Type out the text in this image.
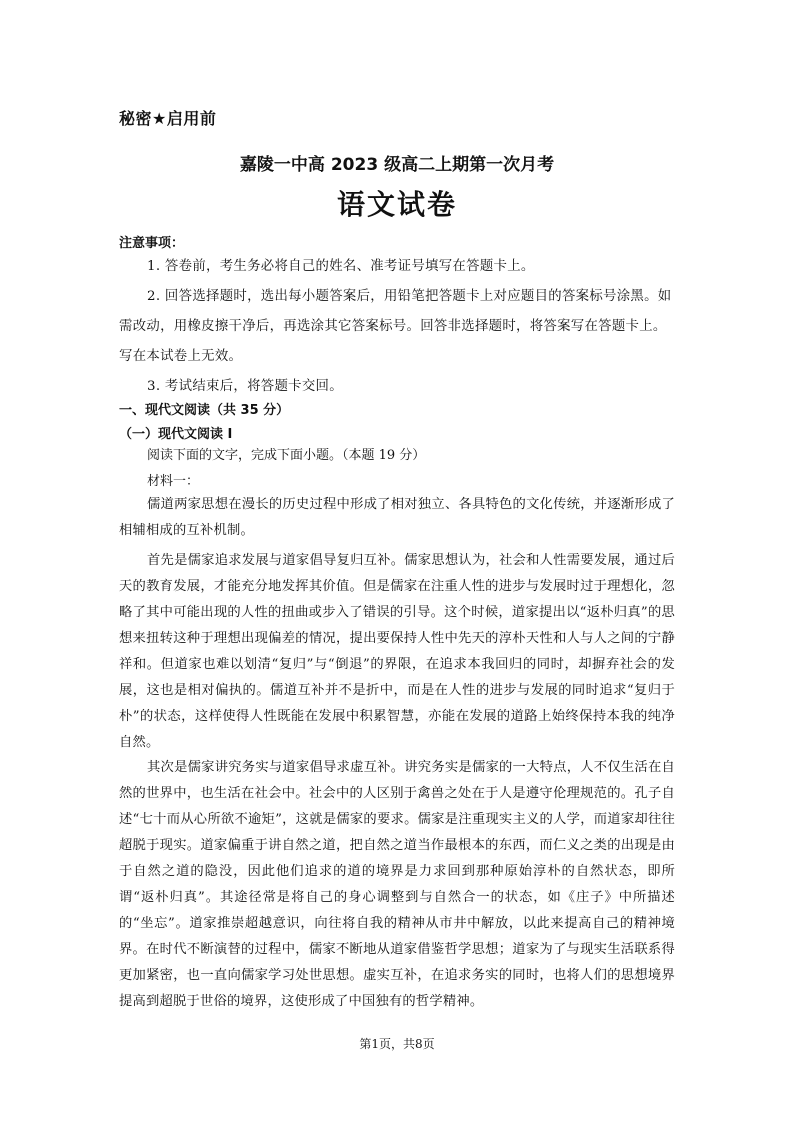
秘密★启用前
嘉陵一中高 2023 级高二上期第一次月考
语文试卷
注意事项：

1. 答卷前，考生务必将自己的姓名、准考证号填写在答题卡上。

2. 回答选择题时，选出每小题答案后，用铅笔把答题卡上对应题目的答案标号涂黑。如需改动，用橡皮擦干净后，再选涂其它答案标号。回答非选择题时，将答案写在答题卡上。写在本试卷上无效。

3. 考试结束后，将答题卡交回。

一、现代文阅读（共 35 分）
（一）现代文阅读 I
阅读下面的文字，完成下面小题。（本题 19 分）
材料一：

儒道两家思想在漫长的历史过程中形成了相对独立、各具特色的文化传统，并逐渐形成了相辅相成的互补机制。

首先是儒家追求发展与道家倡导复归互补。儒家思想认为，社会和人性需要发展，通过后天的教育发展，才能充分地发挥其价值。但是儒家在注重人性的进步与发展时过于理想化，忽略了其中可能出现的人性的扭曲或步入了错误的引导。这个时候，道家提出以“返朴归真”的思想来扭转这种于理想出现偏差的情况，提出要保持人性中先天的淳朴天性和人与人之间的宁静祥和。但道家也难以划清“复归”与“倒退”的界限，在追求本我回归的同时，却摒弃社会的发展，这也是相对偏执的。儒道互补并不是折中，而是在人性的进步与发展的同时追求“复归于朴”的状态，这样使得人性既能在发展中积累智慧，亦能在发展的道路上始终保持本我的纯净自然。

其次是儒家讲究务实与道家倡导求虚互补。讲究务实是儒家的一大特点，人不仅生活在自然的世界中，也生活在社会中。社会中的人区别于禽兽之处在于人是遵守伦理规范的。孔子自述“七十而从心所欲不逾矩”，这就是儒家的要求。儒家是注重现实主义的人学，而道家却往往超脱于现实。道家偏重于讲自然之道，把自然之道当作最根本的东西，而仁义之类的出现是由于自然之道的隐没，因此他们追求的道的境界是力求回到那种原始淳朴的自然状态，即所谓“返朴归真”。其途径常是将自己的身心调整到与自然合一的状态，如《庄子》中所描述的“坐忘”。道家推崇超越意识，向往将自我的精神从市井中解放，以此来提高自己的精神境界。在时代不断演替的过程中，儒家不断地从道家借鉴哲学思想；道家为了与现实生活联系得更加紧密，也一直向儒家学习处世思想。虚实互补，在追求务实的同时，也将人们的思想境界提高到超脱于世俗的境界，这使形成了中国独有的哲学精神。

第1页，共8页
